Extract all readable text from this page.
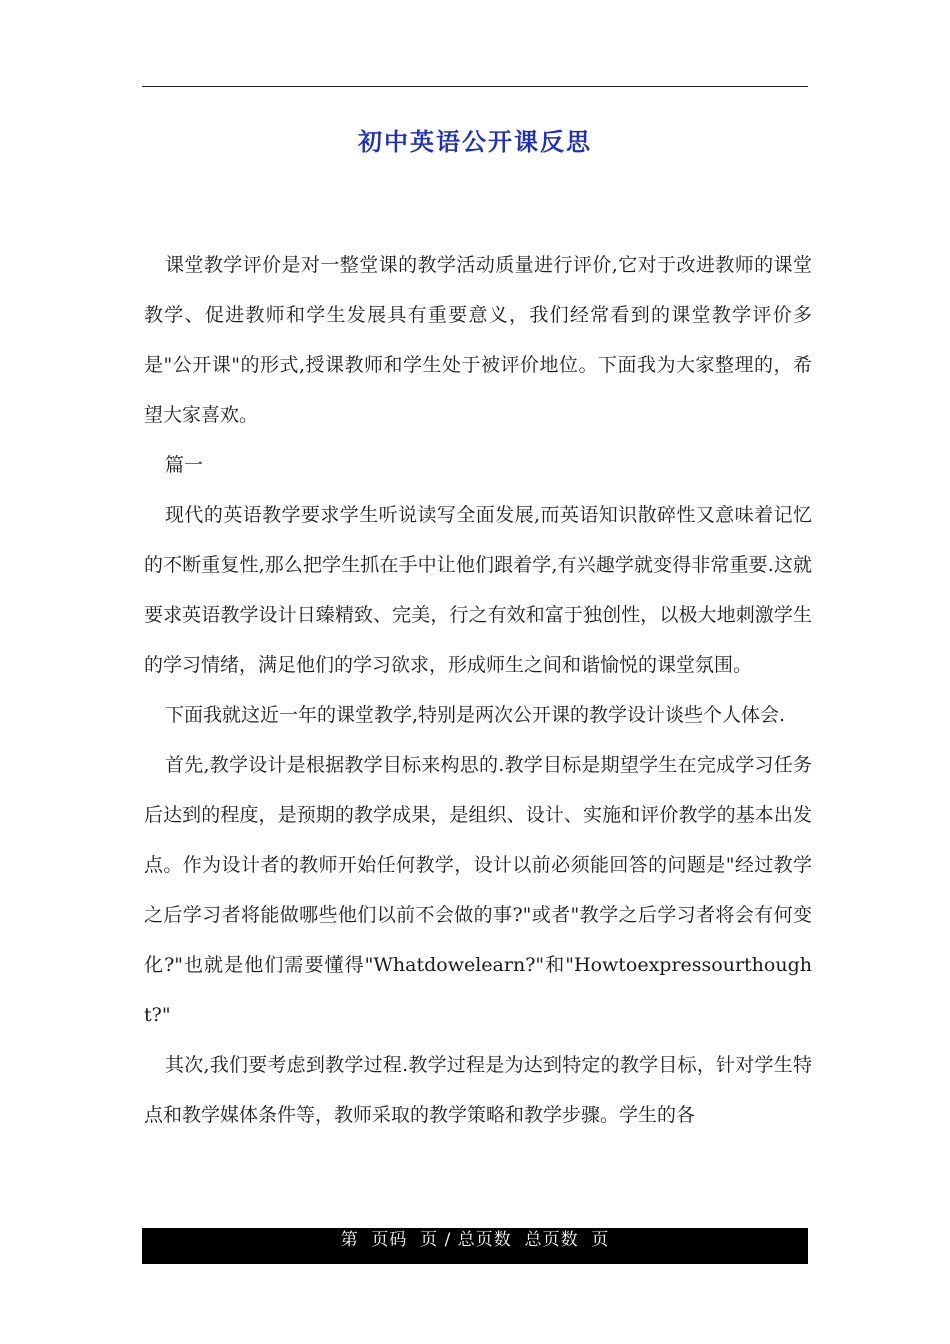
初中英语公开课反思

课堂教学评价是对一整堂课的教学活动质量进行评价,它对于改进教师的课堂教学、促进教师和学生发展具有重要意义，我们经常看到的课堂教学评价多是"公开课"的形式,授课教师和学生处于被评价地位。下面我为大家整理的，希望大家喜欢。

篇一

现代的英语教学要求学生听说读写全面发展,而英语知识散碎性又意味着记忆的不断重复性,那么把学生抓在手中让他们跟着学,有兴趣学就变得非常重要.这就要求英语教学设计日臻精致、完美，行之有效和富于独创性，以极大地刺激学生的学习情绪，满足他们的学习欲求，形成师生之间和谐愉悦的课堂氛围。

下面我就这近一年的课堂教学,特别是两次公开课的教学设计谈些个人体会.

首先,教学设计是根据教学目标来构思的.教学目标是期望学生在完成学习任务后达到的程度，是预期的教学成果，是组织、设计、实施和评价教学的基本出发点。作为设计者的教师开始任何教学，设计以前必须能回答的问题是"经过教学之后学习者将能做哪些他们以前不会做的事?"或者"教学之后学习者将会有何变化?"也就是他们需要懂得"Whatdowelearn?"和"Howtoexpressourthought?"

其次,我们要考虑到教学过程.教学过程是为达到特定的教学目标，针对学生特点和教学媒体条件等，教师采取的教学策略和教学步骤。学生的各

第  页码  页 / 总页数  总页数  页
